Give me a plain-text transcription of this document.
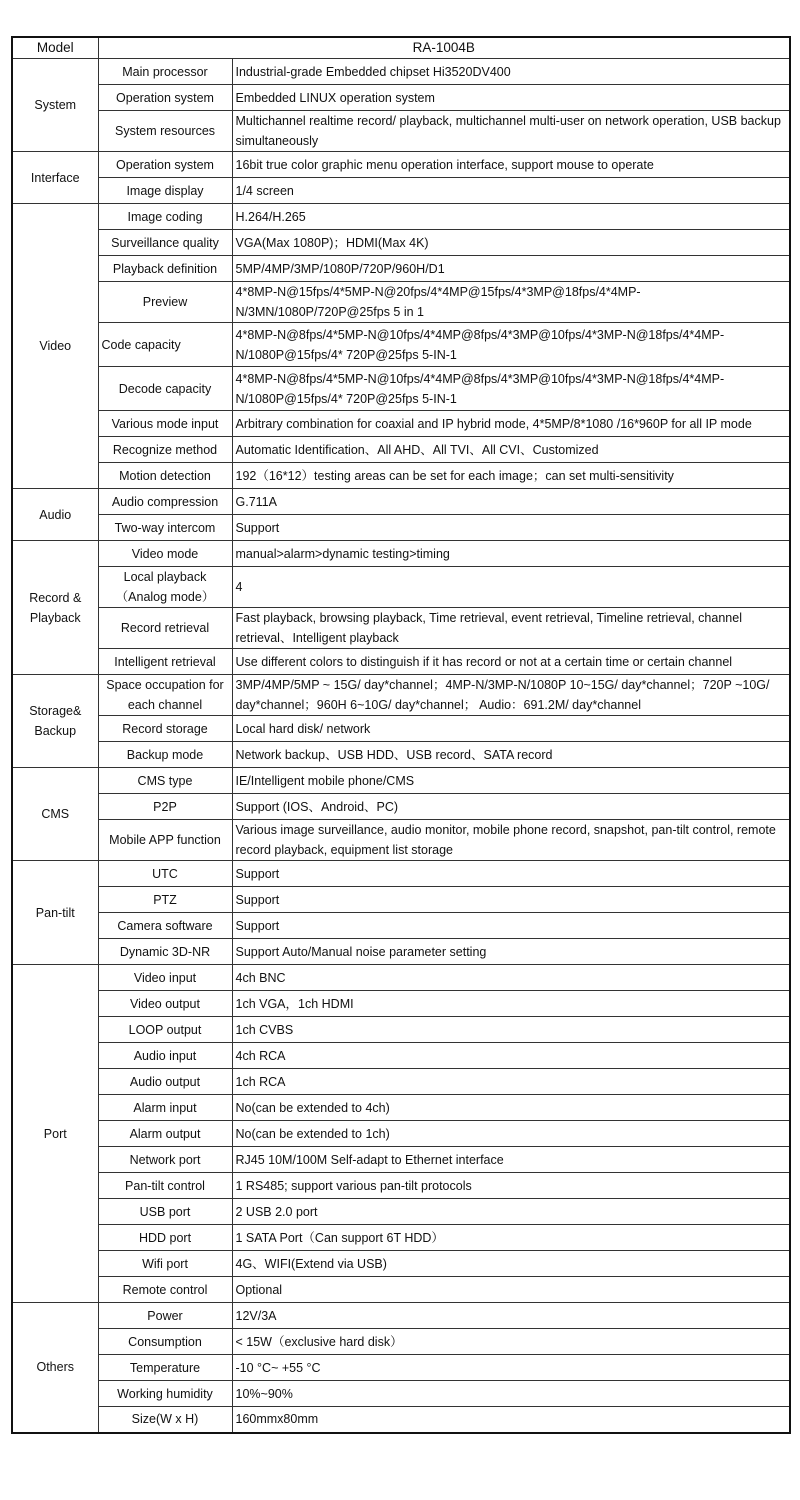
Model	RA-1004B	
System	Main processor	Industrial-grade Embedded chipset Hi3520DV400
	Operation system	Embedded LINUX operation system
	System resources	Multichannel realtime record/ playback, multichannel multi-user on network operation, USB backup simultaneously
Interface	Operation system	16bit true color graphic menu operation interface, support mouse to operate
	Image display	1/4 screen
Video	Image coding	H.264/H.265
	Surveillance quality	VGA(Max 1080P)；HDMI(Max 4K)
	Playback definition	5MP/4MP/3MP/1080P/720P/960H/D1
	Preview	4*8MP-N@15fps/4*5MP-N@20fps/4*4MP@15fps/4*3MP@18fps/4*4MP-N/3MN/1080P/720P@25fps 5 in 1
	Code capacity	4*8MP-N@8fps/4*5MP-N@10fps/4*4MP@8fps/4*3MP@10fps/4*3MP-N@18fps/4*4MP-N/1080P@15fps/4* 720P@25fps 5-IN-1
	Decode capacity	4*8MP-N@8fps/4*5MP-N@10fps/4*4MP@8fps/4*3MP@10fps/4*3MP-N@18fps/4*4MP-N/1080P@15fps/4* 720P@25fps 5-IN-1
	Various mode input	Arbitrary combination for coaxial and IP hybrid mode, 4*5MP/8*1080 /16*960P for all IP mode
	Recognize method	Automatic Identification、All AHD、All TVI、All CVI、Customized
	Motion detection	192（16*12）testing areas can be set for each image；can set multi-sensitivity
Audio	Audio compression	G.711A
	Two-way intercom	Support
Record & Playback	Video mode	manual>alarm>dynamic testing>timing
	Local playback（Analog mode）	4
	Record retrieval	Fast playback, browsing playback, Time retrieval, event retrieval, Timeline retrieval, channel retrieval、Intelligent playback
	Intelligent retrieval	Use different colors to distinguish if it has record or not at a certain time or certain channel
Storage& Backup	Space occupation for each channel	3MP/4MP/5MP ~ 15G/ day*channel；4MP-N/3MP-N/1080P 10~15G/ day*channel；720P ~10G/ day*channel；960H 6~10G/ day*channel； Audio：691.2M/ day*channel
	Record storage	Local hard disk/ network
	Backup mode	Network backup、USB HDD、USB record、SATA record
CMS	CMS type	IE/Intelligent mobile phone/CMS
	P2P	Support (IOS、Android、PC)
	Mobile APP function	Various image surveillance, audio monitor, mobile phone record, snapshot, pan-tilt control, remote record playback, equipment list storage
Pan-tilt	UTC	Support
	PTZ	Support
	Camera software	Support
	Dynamic 3D-NR	Support Auto/Manual noise parameter setting
Port	Video input	4ch BNC
	Video output	1ch VGA，1ch HDMI
	LOOP output	1ch CVBS
	Audio input	4ch RCA
	Audio output	1ch RCA
	Alarm input	No(can be extended to 4ch)
	Alarm output	No(can be extended to 1ch)
	Network port	RJ45 10M/100M Self-adapt to Ethernet interface
	Pan-tilt control	1 RS485; support various pan-tilt protocols
	USB port	2 USB 2.0 port
	HDD port	1 SATA Port（Can support 6T HDD）
	Wifi port	4G、WIFI(Extend via USB)
	Remote control	Optional
Others	Power	12V/3A
	Consumption	< 15W（exclusive hard disk）
	Temperature	-10 °C~ +55 °C
	Working humidity	10%~90%
	Size(W x H)	160mmx80mm
